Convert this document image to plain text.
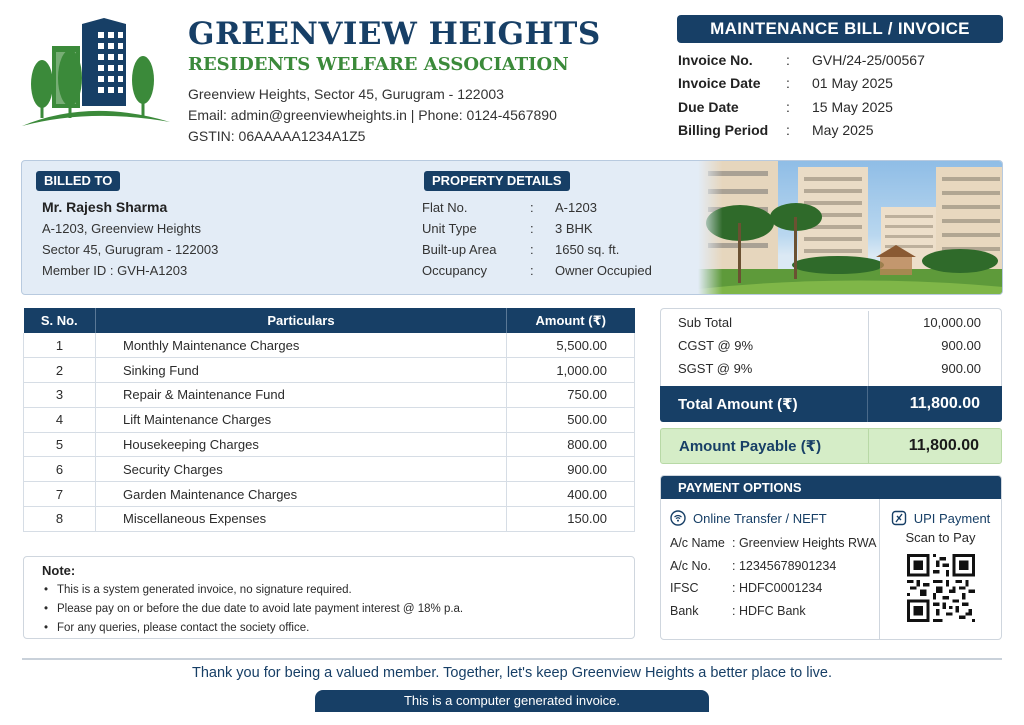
GREENVIEW HEIGHTS
RESIDENTS WELFARE ASSOCIATION
Greenview Heights, Sector 45, Gurugram - 122003
Email: admin@greenviewheights.in | Phone: 0124-4567890
GSTIN: 06AAAAA1234A1Z5
MAINTENANCE BILL / INVOICE
Invoice No.	:	GVH/24-25/00567
Invoice Date	:	01 May 2025
Due Date	:	15 May 2025
Billing Period	:	May 2025
BILLED TO
Mr. Rajesh Sharma
A-1203, Greenview Heights
Sector 45, Gurugram - 122003
Member ID : GVH-A1203
PROPERTY DETAILS
Flat No.	:	A-1203
Unit Type	:	3 BHK
Built-up Area	:	1650 sq. ft.
Occupancy	:	Owner Occupied
S. No.	Particulars	Amount (₹)
1	Monthly Maintenance Charges	5,500.00
2	Sinking Fund	1,000.00
3	Repair & Maintenance Fund	750.00
4	Lift Maintenance Charges	500.00
5	Housekeeping Charges	800.00
6	Security Charges	900.00
7	Garden Maintenance Charges	400.00
8	Miscellaneous Expenses	150.00
Sub Total	10,000.00
CGST @ 9%	900.00
SGST @ 9%	900.00
Total Amount (₹)	11,800.00
Amount Payable (₹)	11,800.00
PAYMENT OPTIONS
Online Transfer / NEFT
A/c Name : Greenview Heights RWA
A/c No.	: 12345678901234
IFSC	: HDFC0001234
Bank	: HDFC Bank
UPI Payment
Scan to Pay
Note:
• This is a system generated invoice, no signature required.
• Please pay on or before the due date to avoid late payment interest @ 18% p.a.
• For any queries, please contact the society office.
Thank you for being a valued member. Together, let's keep Greenview Heights a better place to live.
This is a computer generated invoice.
